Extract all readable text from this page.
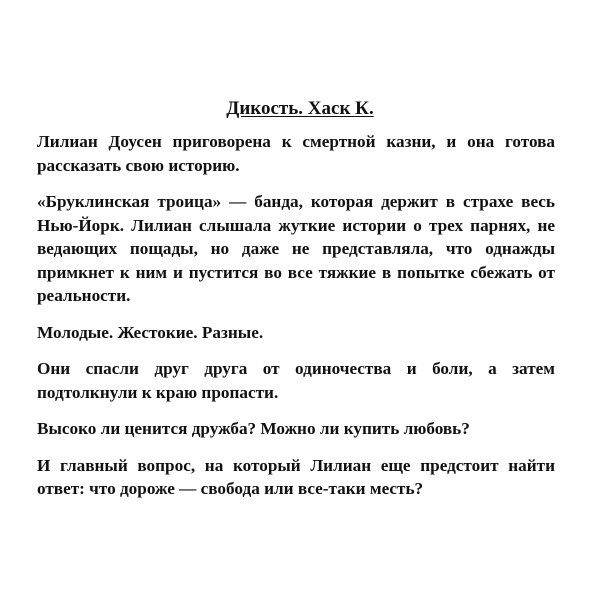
Дикость. Хаск К.

Лилиан Доусен приговорена к смертной казни, и она готова рассказать свою историю.

«Бруклинская троица» — банда, которая держит в страхе весь Нью-Йорк. Лилиан слышала жуткие истории о трех парнях, не ведающих пощады, но даже не представляла, что однажды примкнет к ним и пустится во все тяжкие в попытке сбежать от реальности.

Молодые. Жестокие. Разные.

Они спасли друг друга от одиночества и боли, а затем подтолкнули к краю пропасти.

Высоко ли ценится дружба? Можно ли купить любовь?

И главный вопрос, на который Лилиан еще предстоит найти ответ: что дороже — свобода или все-таки месть?
